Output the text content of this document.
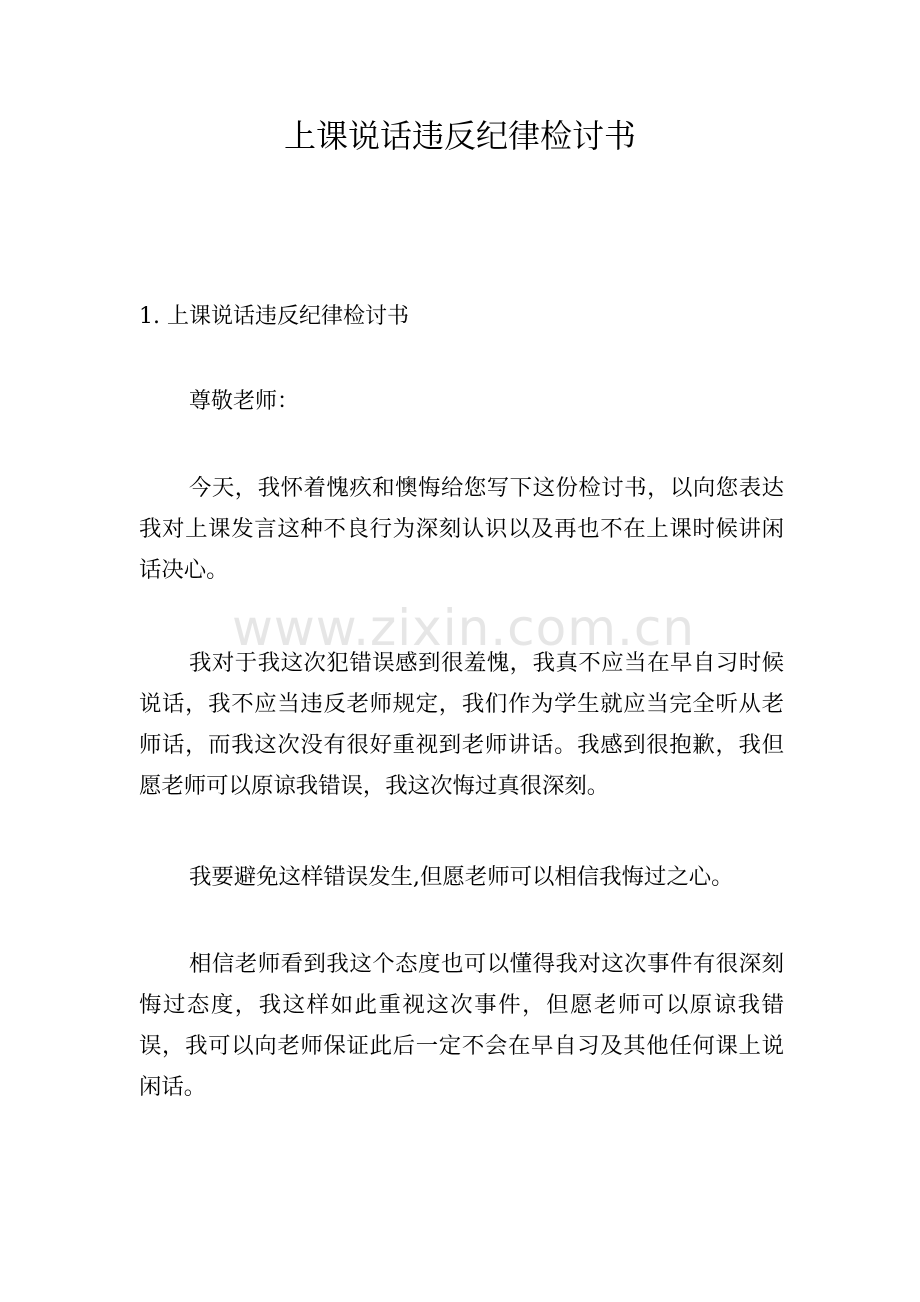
www.zixin.com.cn
上课说话违反纪律检讨书

1. 上课说话违反纪律检讨书

尊敬老师：

今天，我怀着愧疚和懊悔给您写下这份检讨书，以向您表达我对上课发言这种不良行为深刻认识以及再也不在上课时候讲闲话决心。

我对于我这次犯错误感到很羞愧，我真不应当在早自习时候说话，我不应当违反老师规定，我们作为学生就应当完全听从老师话，而我这次没有很好重视到老师讲话。我感到很抱歉，我但愿老师可以原谅我错误，我这次悔过真很深刻。

我要避免这样错误发生,但愿老师可以相信我悔过之心。

相信老师看到我这个态度也可以懂得我对这次事件有很深刻悔过态度，我这样如此重视这次事件，但愿老师可以原谅我错误，我可以向老师保证此后一定不会在早自习及其他任何课上说闲话。
